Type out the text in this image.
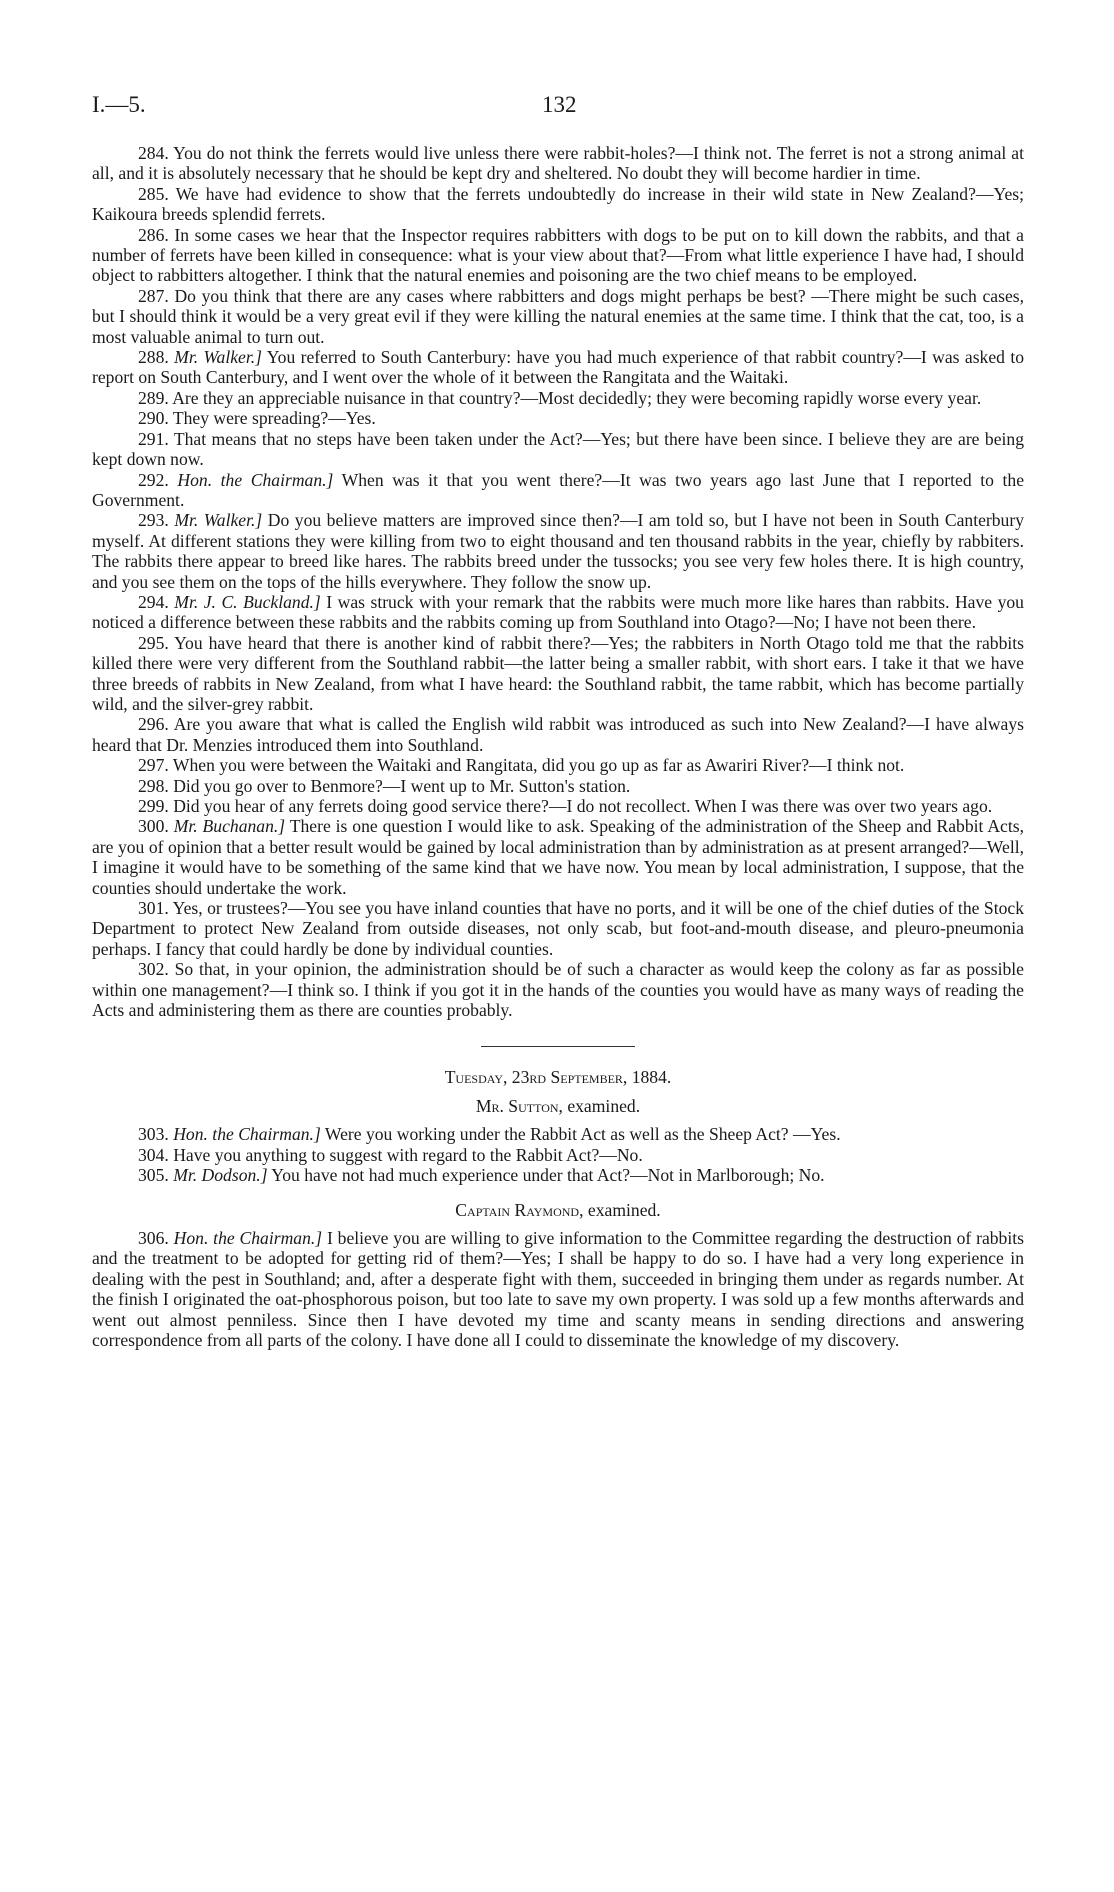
I.—5.	132

284. You do not think the ferrets would live unless there were rabbit-holes?—I think not. The ferret is not a strong animal at all, and it is absolutely necessary that he should be kept dry and sheltered. No doubt they will become hardier in time.

285. We have had evidence to show that the ferrets undoubtedly do increase in their wild state in New Zealand?—Yes; Kaikoura breeds splendid ferrets.

286. In some cases we hear that the Inspector requires rabbitters with dogs to be put on to kill down the rabbits, and that a number of ferrets have been killed in consequence: what is your view about that?—From what little experience I have had, I should object to rabbitters altogether. I think that the natural enemies and poisoning are the two chief means to be employed.

287. Do you think that there are any cases where rabbitters and dogs might perhaps be best? —There might be such cases, but I should think it would be a very great evil if they were killing the natural enemies at the same time. I think that the cat, too, is a most valuable animal to turn out.

288. Mr. Walker.] You referred to South Canterbury: have you had much experience of that rabbit country?—I was asked to report on South Canterbury, and I went over the whole of it between the Rangitata and the Waitaki.

289. Are they an appreciable nuisance in that country?—Most decidedly; they were becoming rapidly worse every year.

290. They were spreading?—Yes.

291. That means that no steps have been taken under the Act?—Yes; but there have been since. I believe they are are being kept down now.

292. Hon. the Chairman.] When was it that you went there?—It was two years ago last June that I reported to the Government.

293. Mr. Walker.] Do you believe matters are improved since then?—I am told so, but I have not been in South Canterbury myself. At different stations they were killing from two to eight thousand and ten thousand rabbits in the year, chiefly by rabbiters. The rabbits there appear to breed like hares. The rabbits breed under the tussocks; you see very few holes there. It is high country, and you see them on the tops of the hills everywhere. They follow the snow up.

294. Mr. J. C. Buckland.] I was struck with your remark that the rabbits were much more like hares than rabbits. Have you noticed a difference between these rabbits and the rabbits coming up from Southland into Otago?—No; I have not been there.

295. You have heard that there is another kind of rabbit there?—Yes; the rabbiters in North Otago told me that the rabbits killed there were very different from the Southland rabbit—the latter being a smaller rabbit, with short ears. I take it that we have three breeds of rabbits in New Zealand, from what I have heard: the Southland rabbit, the tame rabbit, which has become partially wild, and the silver-grey rabbit.

296. Are you aware that what is called the English wild rabbit was introduced as such into New Zealand?—I have always heard that Dr. Menzies introduced them into Southland.

297. When you were between the Waitaki and Rangitata, did you go up as far as Awariri River?—I think not.

298. Did you go over to Benmore?—I went up to Mr. Sutton's station.

299. Did you hear of any ferrets doing good service there?—I do not recollect. When I was there was over two years ago.

300. Mr. Buchanan.] There is one question I would like to ask. Speaking of the administration of the Sheep and Rabbit Acts, are you of opinion that a better result would be gained by local administration than by administration as at present arranged?—Well, I imagine it would have to be something of the same kind that we have now. You mean by local administration, I suppose, that the counties should undertake the work.

301. Yes, or trustees?—You see you have inland counties that have no ports, and it will be one of the chief duties of the Stock Department to protect New Zealand from outside diseases, not only scab, but foot-and-mouth disease, and pleuro-pneumonia perhaps. I fancy that could hardly be done by individual counties.

302. So that, in your opinion, the administration should be of such a character as would keep the colony as far as possible within one management?—I think so. I think if you got it in the hands of the counties you would have as many ways of reading the Acts and administering them as there are counties probably.

Tuesday, 23rd September, 1884.

Mr. Sutton, examined.

303. Hon. the Chairman.] Were you working under the Rabbit Act as well as the Sheep Act? —Yes.

304. Have you anything to suggest with regard to the Rabbit Act?—No.

305. Mr. Dodson.] You have not had much experience under that Act?—Not in Marlborough; No.

Captain Raymond, examined.

306. Hon. the Chairman.] I believe you are willing to give information to the Committee regarding the destruction of rabbits and the treatment to be adopted for getting rid of them?—Yes; I shall be happy to do so. I have had a very long experience in dealing with the pest in Southland; and, after a desperate fight with them, succeeded in bringing them under as regards number. At the finish I originated the oat-phosphorous poison, but too late to save my own property. I was sold up a few months afterwards and went out almost penniless. Since then I have devoted my time and scanty means in sending directions and answering correspondence from all parts of the colony. I have done all I could to disseminate the knowledge of my discovery.
